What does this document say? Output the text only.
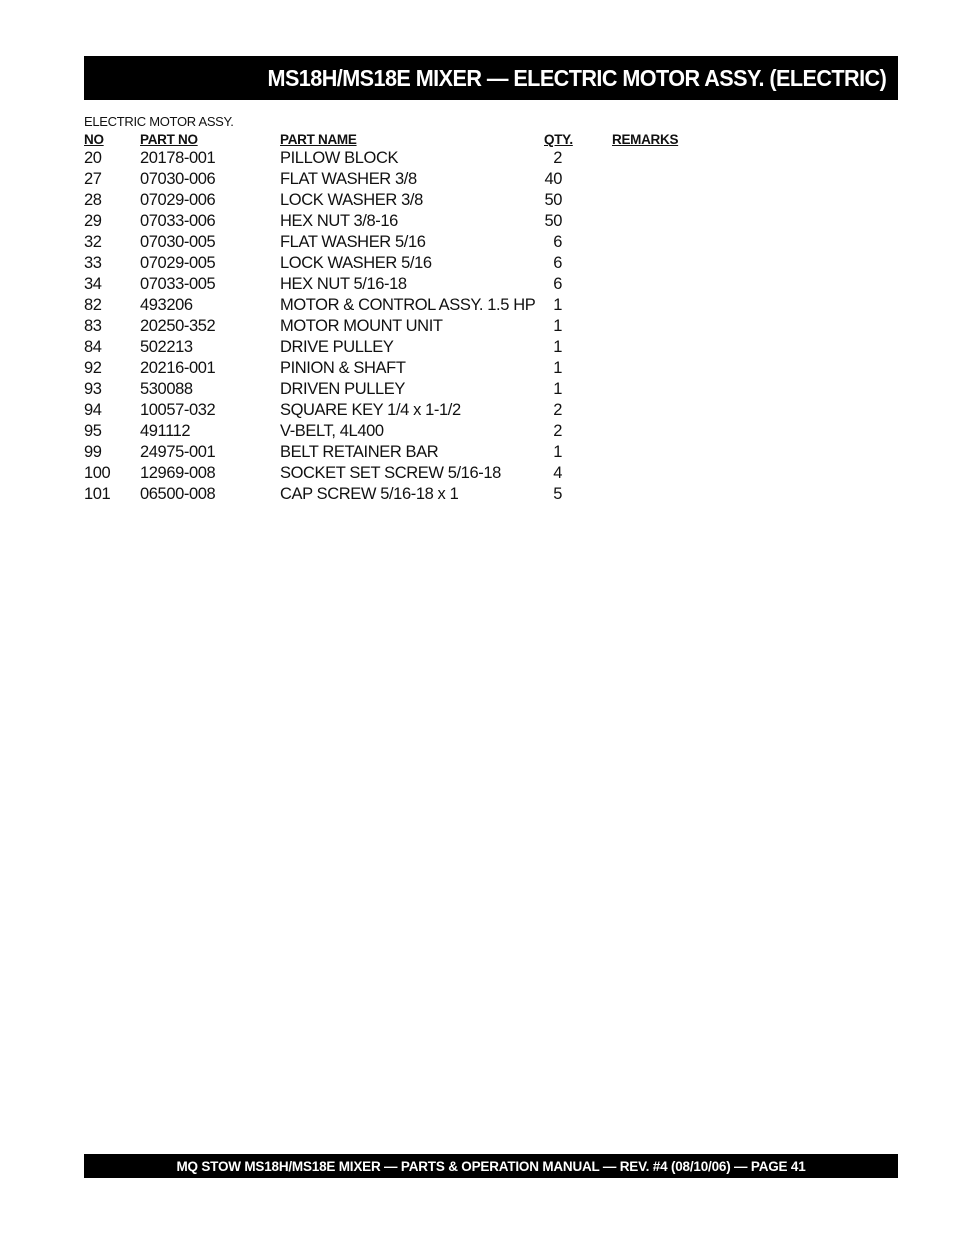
MS18H/MS18E MIXER — ELECTRIC MOTOR ASSY. (ELECTRIC)
ELECTRIC MOTOR ASSY.
NO	PART NO	PART NAME	QTY.	REMARKS
20 20178-001	PILLOW BLOCK	2
27 07030-006	FLAT WASHER 3/8	40
28 07029-006	LOCK WASHER 3/8	50
29 07033-006	HEX NUT 3/8-16	50
32 07030-005	FLAT WASHER 5/16	6
33 07029-005	LOCK WASHER 5/16	6
34 07033-005	HEX NUT 5/16-18	6
82 493206	MOTOR & CONTROL ASSY. 1.5 HP	1
83 20250-352	MOTOR MOUNT UNIT	1
84 502213	DRIVE PULLEY	1
92 20216-001	PINION & SHAFT	1
93 530088	DRIVEN PULLEY	1
94 10057-032	SQUARE KEY 1/4 x 1-1/2	2
95 491112	V-BELT, 4L400	2
99 24975-001	BELT RETAINER BAR	1
100 12969-008	SOCKET SET SCREW 5/16-18	4
101 06500-008	CAP SCREW 5/16-18 x 1	5
MQ STOW MS18H/MS18E MIXER — PARTS & OPERATION MANUAL — REV. #4 (08/10/06) — PAGE 41
